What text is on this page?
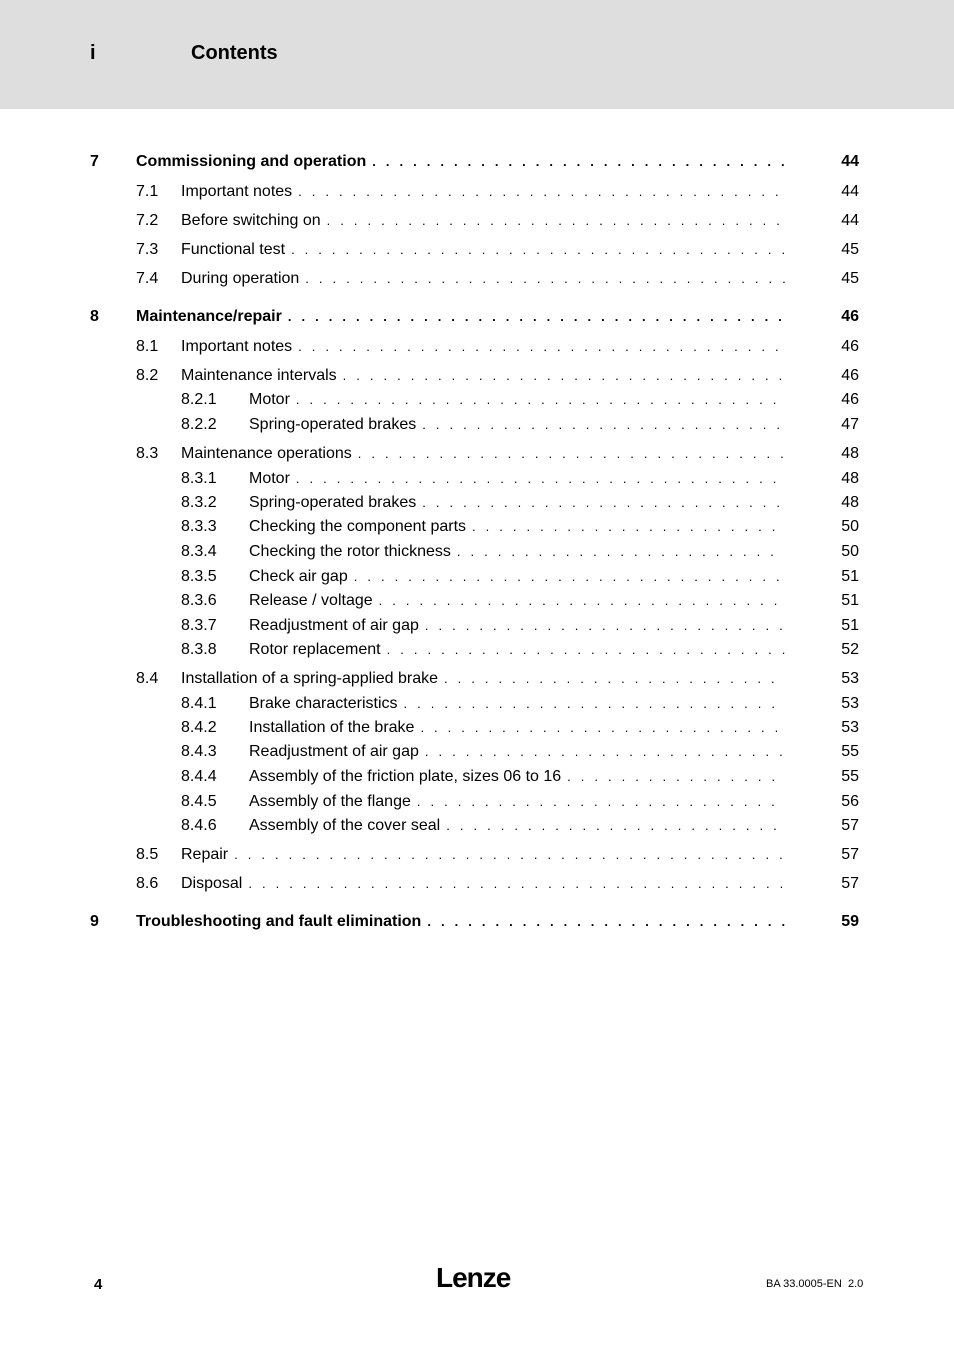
i	Contents
7 Commissioning and operation . . .	44
7.1 Important notes . . .	44
7.2 Before switching on . . .	44
7.3 Functional test . . .	45
7.4 During operation . . .	45
8 Maintenance/repair . . .	46
8.1 Important notes . . .	46
8.2 Maintenance intervals . . .	46
8.2.1 Motor . . .	46
8.2.2 Spring-operated brakes . . .	47
8.3 Maintenance operations . . .	48
8.3.1 Motor . . .	48
8.3.2 Spring-operated brakes . . .	48
8.3.3 Checking the component parts . . .	50
8.3.4 Checking the rotor thickness . . .	50
8.3.5 Check air gap . . .	51
8.3.6 Release / voltage . . .	51
8.3.7 Readjustment of air gap . . .	51
8.3.8 Rotor replacement . . .	52
8.4 Installation of a spring-applied brake . . .	53
8.4.1 Brake characteristics . . .	53
8.4.2 Installation of the brake . . .	53
8.4.3 Readjustment of air gap . . .	55
8.4.4 Assembly of the friction plate, sizes 06 to 16 . . .	55
8.4.5 Assembly of the flange . . .	56
8.4.6 Assembly of the cover seal . . .	57
8.5 Repair . . .	57
8.6 Disposal . . .	57
9 Troubleshooting and fault elimination . . .	59
4	Lenze	BA 33.0005-EN 2.0
